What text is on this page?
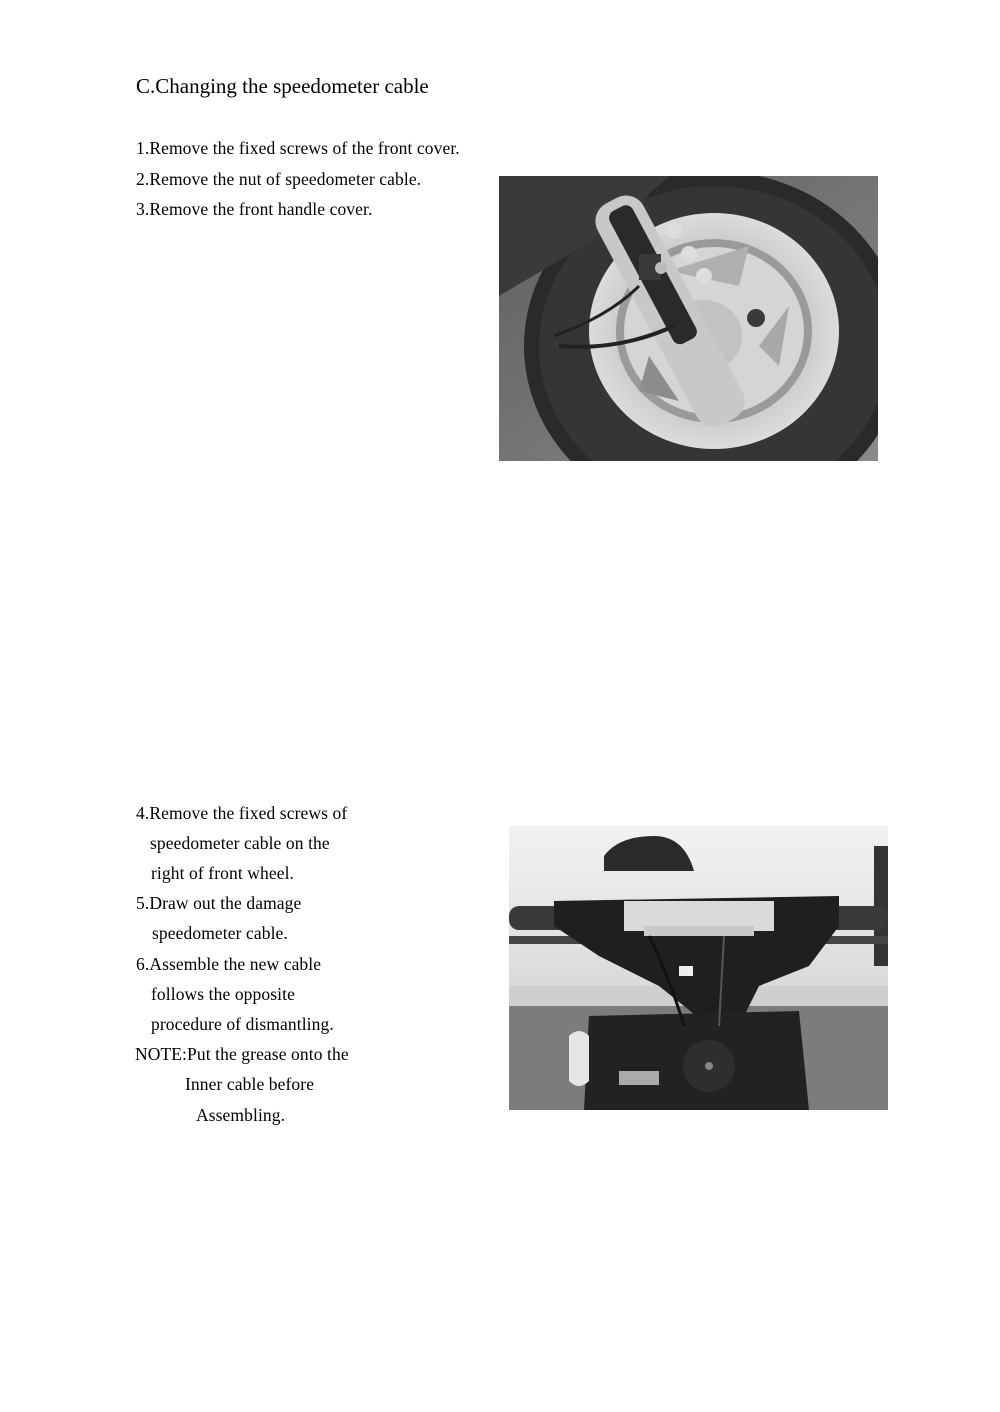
C.Changing the speedometer cable
1.Remove the fixed screws of the front cover.
2.Remove the nut of speedometer cable.
3.Remove the front handle cover.
4.Remove the fixed screws of
speedometer cable on the
right of front wheel.
5.Draw out the damage
speedometer cable.
6.Assemble the new cable
follows the opposite
procedure of dismantling.
NOTE:Put the grease onto the
Inner cable before
Assembling.
